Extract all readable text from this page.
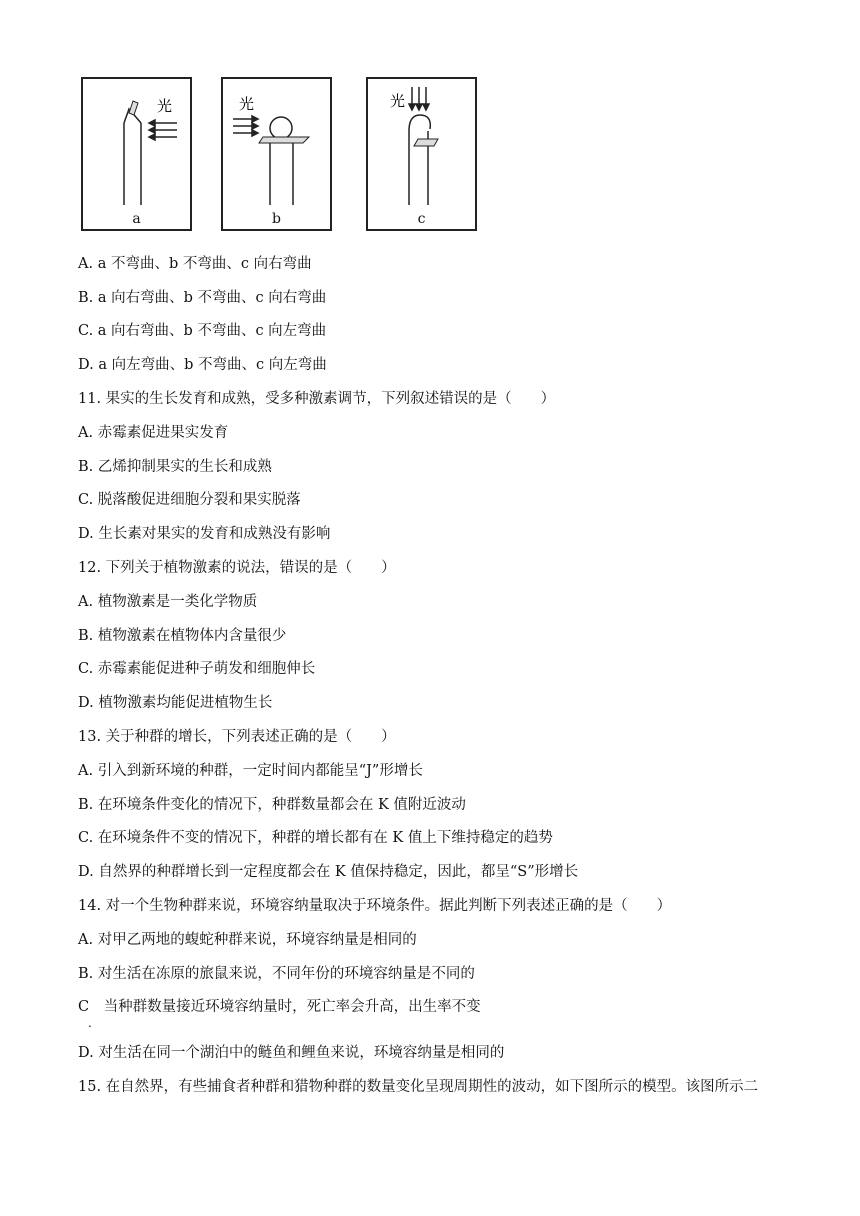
光
a
光
b
光
c
A. a 不弯曲、b 不弯曲、c 向右弯曲
B. a 向右弯曲、b 不弯曲、c 向右弯曲
C. a 向右弯曲、b 不弯曲、c 向左弯曲
D. a 向左弯曲、b 不弯曲、c 向左弯曲
11. 果实的生长发育和成熟，受多种激素调节，下列叙述错误的是（　　）
A. 赤霉素促进果实发育
B. 乙烯抑制果实的生长和成熟
C. 脱落酸促进细胞分裂和果实脱落
D. 生长素对果实的发育和成熟没有影响
12. 下列关于植物激素的说法，错误的是（　　）
A. 植物激素是一类化学物质
B. 植物激素在植物体内含量很少
C. 赤霉素能促进种子萌发和细胞伸长
D. 植物激素均能促进植物生长
13. 关于种群的增长，下列表述正确的是（　　）
A. 引入到新环境的种群，一定时间内都能呈“J”形增长
B. 在环境条件变化的情况下，种群数量都会在 K 值附近波动
C. 在环境条件不变的情况下，种群的增长都有在 K 值上下维持稳定的趋势
D. 自然界的种群增长到一定程度都会在 K 值保持稳定，因此，都呈“S”形增长
14. 对一个生物种群来说，环境容纳量取决于环境条件。据此判断下列表述正确的是（　　）
A. 对甲乙两地的蝮蛇种群来说，环境容纳量是相同的
B. 对生活在冻原的旅鼠来说，不同年份的环境容纳量是不同的
C　当种群数量接近环境容纳量时，死亡率会升高，出生率不变
.
D. 对生活在同一个湖泊中的鲢鱼和鲤鱼来说，环境容纳量是相同的
15. 在自然界，有些捕食者种群和猎物种群的数量变化呈现周期性的波动，如下图所示的模型。该图所示二
